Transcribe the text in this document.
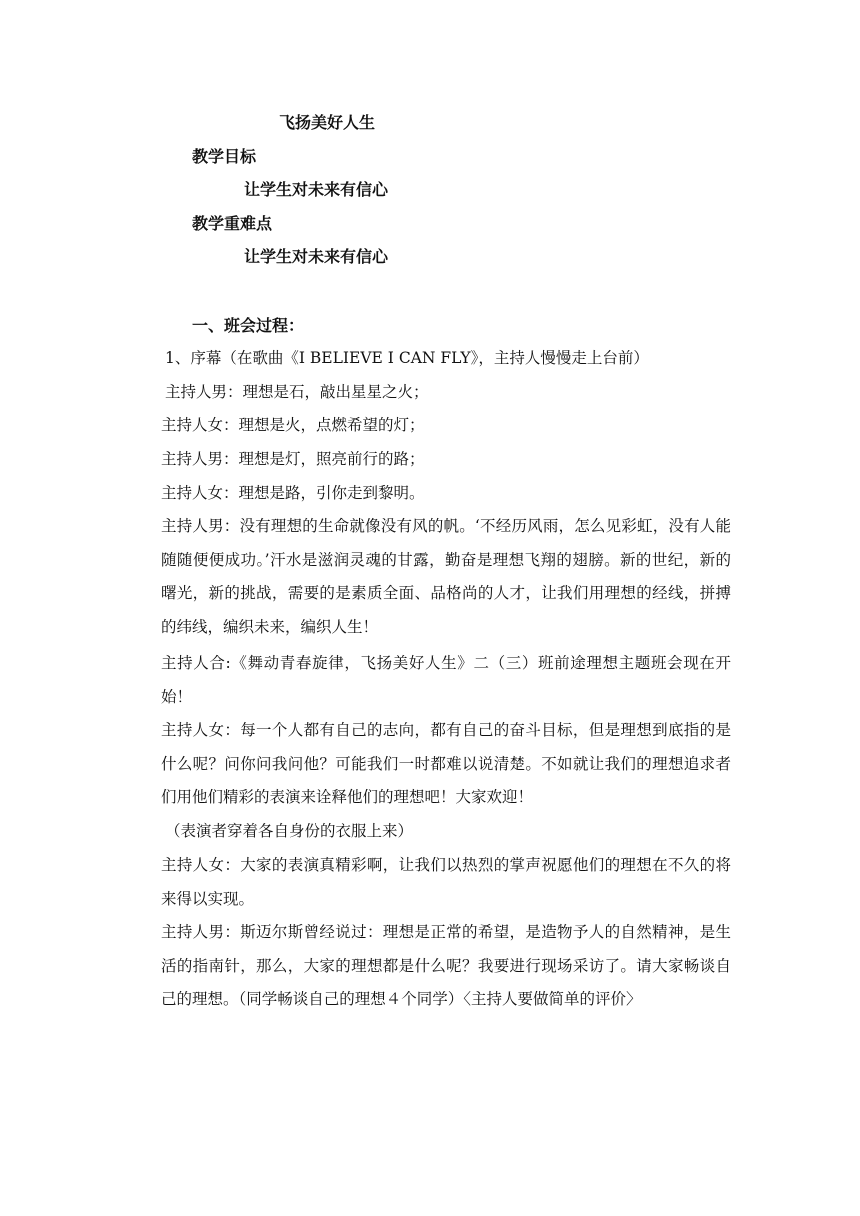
飞扬美好人生
教学目标
让学生对未来有信心
教学重难点
让学生对未来有信心
一、班会过程：
1、序幕（在歌曲《I BELIEVE I CAN FLY》，主持人慢慢走上台前）
主持人男：理想是石，敲出星星之火；
主持人女：理想是火，点燃希望的灯；
主持人男：理想是灯，照亮前行的路；
主持人女：理想是路，引你走到黎明。
主持人男：没有理想的生命就像没有风的帆。‘不经历风雨，怎么见彩虹，没有人能随随便便成功。’汗水是滋润灵魂的甘露，勤奋是理想飞翔的翅膀。新的世纪，新的曙光，新的挑战，需要的是素质全面、品格尚的人才，让我们用理想的经线，拼搏的纬线，编织未来，编织人生！
主持人合:《舞动青春旋律，飞扬美好人生》二（三）班前途理想主题班会现在开始！
主持人女：每一个人都有自己的志向，都有自己的奋斗目标，但是理想到底指的是什么呢？问你问我问他？可能我们一时都难以说清楚。不如就让我们的理想追求者们用他们精彩的表演来诠释他们的理想吧！大家欢迎！
（表演者穿着各自身份的衣服上来）
主持人女：大家的表演真精彩啊，让我们以热烈的掌声祝愿他们的理想在不久的将来得以实现。
主持人男：斯迈尔斯曾经说过：理想是正常的希望，是造物予人的自然精神，是生活的指南针，那么，大家的理想都是什么呢？我要进行现场采访了。请大家畅谈自己的理想。（同学畅谈自己的理想４个同学）〈主持人要做简单的评价〉
